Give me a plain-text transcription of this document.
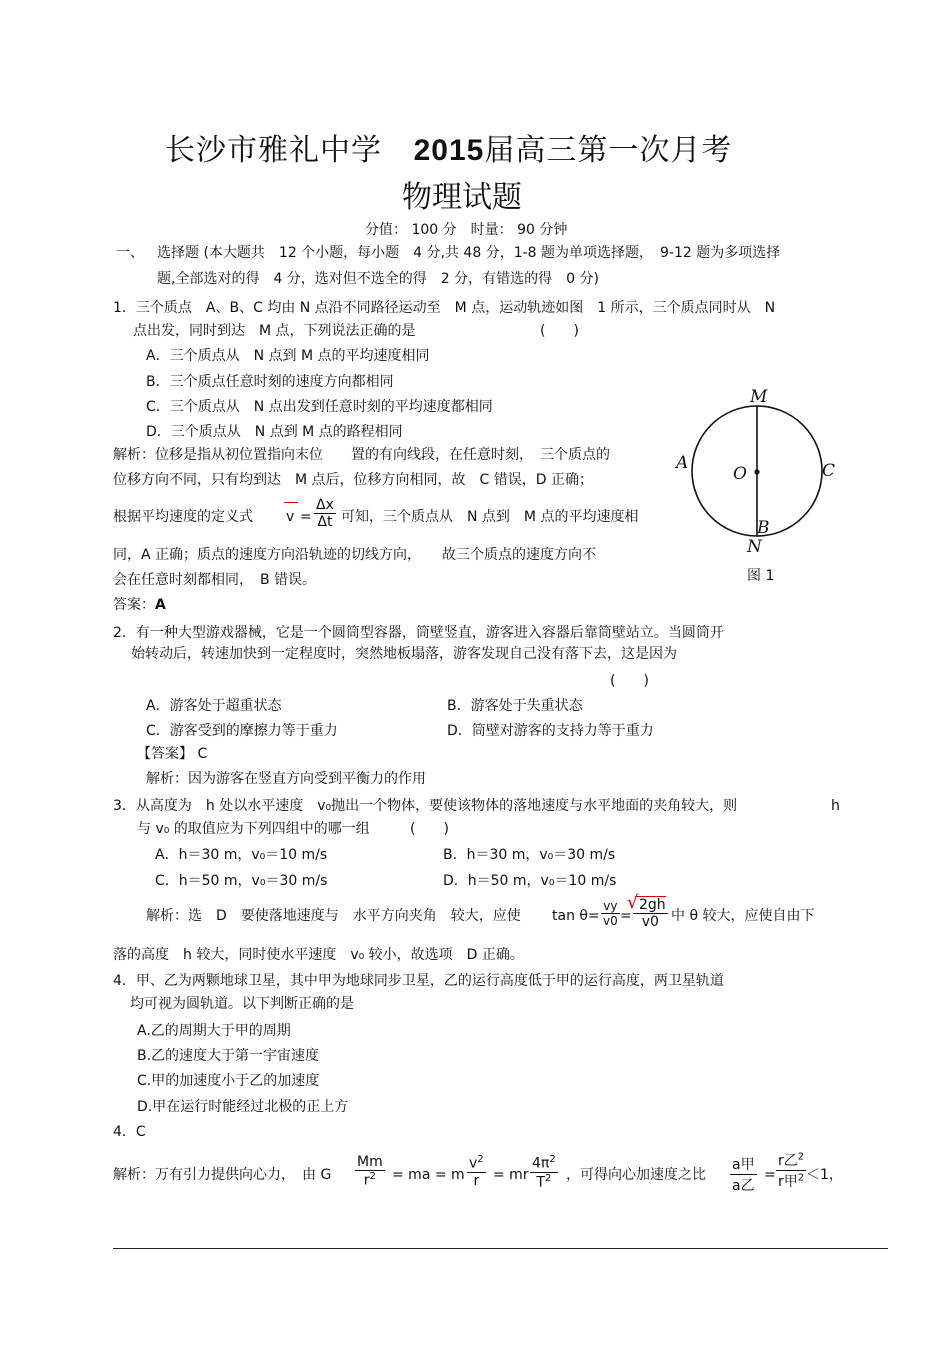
长沙市雅礼中学 2015届高三第一次月考
物理试题
分值： 100 分　时量： 90 分钟
一、 选择题 (本大题共　12 个小题，每小题　4 分,共 48 分，1-8 题为单项选择题，　9-12 题为多项选择
题,全部选对的得　4 分，选对但不选全的得　2 分，有错选的得　0 分)
1．三个质点　A、B、C 均由 N 点沿不同路径运动至　M 点，运动轨迹如图　1 所示，三个质点同时从　N
点出发，同时到达　M 点，下列说法正确的是	(　　)
A．三个质点从　N 点到 M 点的平均速度相同
B．三个质点任意时刻的速度方向都相同
C．三个质点从　N 点出发到任意时刻的平均速度都相同
D．三个质点从　N 点到 M 点的路程相同
解析：位移是指从初位置指向末位　　置的有向线段，在任意时刻，　三个质点的
位移方向不同，只有均到达　M 点后，位移方向相同，故　C 错误，D 正确；
根据平均速度的定义式 $v = \frac{\Delta x}{\Delta t}$ 可知，三个质点从　N 点到　M 点的平均速度相
同，A 正确；质点的速度方向沿轨迹的切线方向，　　故三个质点的速度方向不
会在任意时刻都相同，　B 错误。
答案：A
M
O
A	C
B
N
图 1
2．有一种大型游戏器械，它是一个圆筒型容器，筒壁竖直，游客进入容器后靠筒壁站立。当圆筒开
始转动后，转速加快到一定程度时，突然地板塌落，游客发现自己没有落下去，这是因为
(　　)
A．游客处于超重状态	B．游客处于失重状态
C．游客受到的摩擦力等于重力	D．筒壁对游客的支持力等于重力
【答案】 C
解析：因为游客在竖直方向受到平衡力的作用
3．从高度为　h 处以水平速度　v₀抛出一个物体，要使该物体的落地速度与水平地面的夹角较大，则	h
与 v₀ 的取值应为下列四组中的哪一组	(　　)
A．h＝30 m，v₀＝10 m/s	B．h＝30 m，v₀＝30 m/s
C．h＝50 m，v₀＝30 m/s	D．h＝50 m，v₀＝10 m/s
解析：选　D　要使落地速度与　水平方向夹角　较大，应使 $\tan \theta= \frac{vy}{v0} = \frac{√ 2gh}{v0}$ 中 θ 较大，应使自由下
落的高度　h 较大，同时使水平速度　v₀ 较小，故选项　D 正确。
4．甲、乙为两颗地球卫星，其中甲为地球同步卫星，乙的运行高度低于甲的运行高度，两卫星轨道
均可视为圆轨道。以下判断正确的是
A.乙的周期大于甲的周期
B.乙的速度大于第一宇宙速度
C.甲的加速度小于乙的加速度
D.甲在运行时能经过北极的正上方
4．C
解析：万有引力提供向心力，　由 G $\frac{Mm}{r^2}$ = ma = m $\frac{v^2}{r}$ = mr $\frac{4\pi^2}{T^2}$ ，可得向心加速度之比
a甲
a乙
=
r乙$^2$
r甲$^2$ ＜1，
